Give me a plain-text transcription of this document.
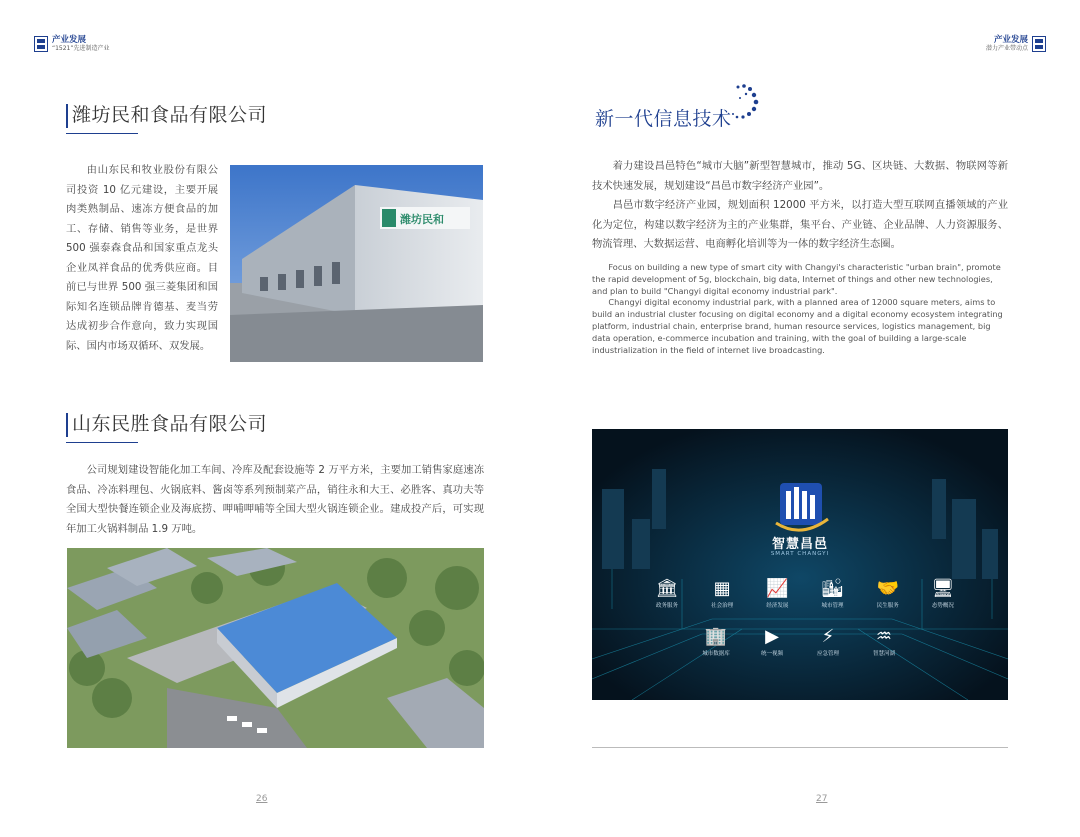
产业发展
“1521”先进制造产业
产业发展
潜力产业带动点
潍坊民和食品有限公司

由山东民和牧业股份有限公司投资 10 亿元建设，主要开展肉类熟制品、速冻方便食品的加工、存储、销售等业务，是世界 500 强泰森食品和国家重点龙头企业凤祥食品的优秀供应商。目前已与世界 500 强三菱集团和国际知名连锁品牌肯德基、麦当劳达成初步合作意向，致力实现国际、国内市场双循环、双发展。

潍坊民和
山东民胜食品有限公司

公司规划建设智能化加工车间、冷库及配套设施等 2 万平方米，主要加工销售家庭速冻食品、冷冻料理包、火锅底料、酱卤等系列预制菜产品，销往永和大王、必胜客、真功夫等全国大型快餐连锁企业及海底捞、呷哺呷哺等全国大型火锅连锁企业。建成投产后，可实现年加工火锅料制品 1.9 万吨。

26
新一代信息技术

着力建设昌邑特色“城市大脑”新型智慧城市，推动 5G、区块链、大数据、物联网等新技术快速发展，规划建设“昌邑市数字经济产业园”。

昌邑市数字经济产业园，规划面积 12000 平方米，以打造大型互联网直播领域的产业化为定位，构建以数字经济为主的产业集群，集平台、产业链、企业品牌、人力资源服务、物流管理、大数据运营、电商孵化培训等为一体的数字经济生态圈。

Focus on building a new type of smart city with Changyi's characteristic "urban brain", promote the rapid development of 5g, blockchain, big data, Internet of things and other new technologies, and plan to build "Changyi digital economy industrial park".

Changyi digital economy industrial park, with a planned area of 12000 square meters, aims to build an industrial cluster focusing on digital economy and a digital economy ecosystem integrating platform, industrial chain, enterprise brand, human resource services, logistics management, big data operation, e-commerce incubation and training, with the goal of building a large-scale industrialization in the field of internet live broadcasting.

智慧昌邑
SMART CHANGYI
🏛
政务服务
▦
社会治理
📈
经济发展
🏙
城市管理
🤝
民生服务
🖥
态势概况
🏢
城市数据库
▶
统一视频
⚡
应急管理
♒
智慧河湖
27
